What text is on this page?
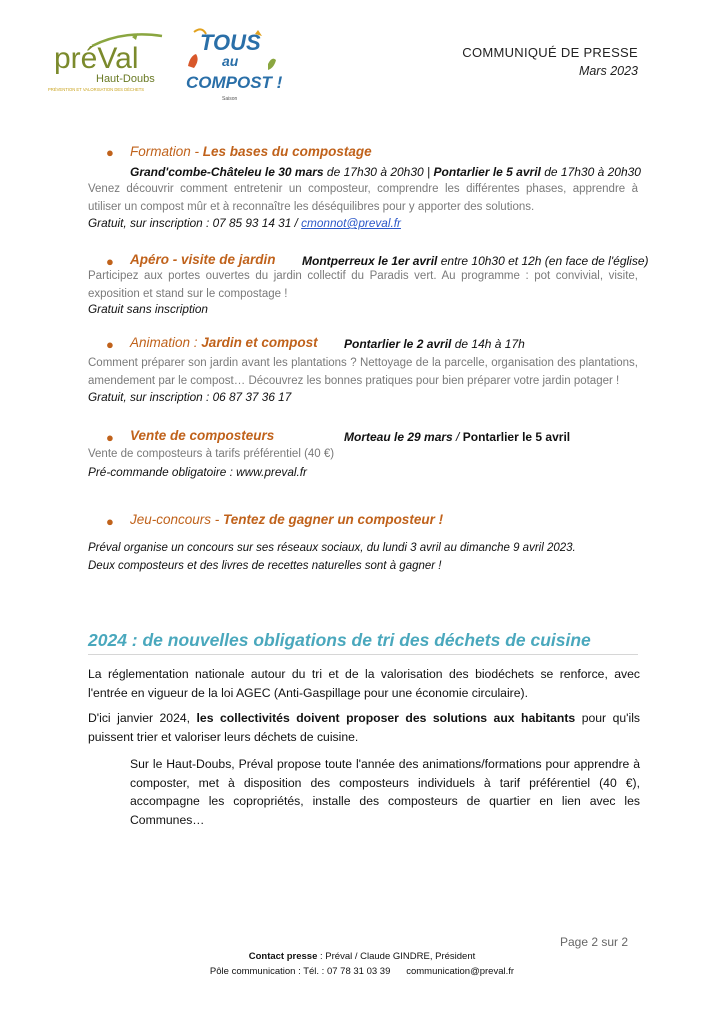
préVal
Haut-Doubs
PRÉVENTION ET VALORISATION DES DÉCHETS
TOUS
au
COMPOST !
Saison
COMMUNIQUÉ DE PRESSE
Mars 2023
● Formation - Les bases du compostage
Grand'combe-Châteleu le 30 mars de 17h30 à 20h30 | Pontarlier le 5 avril de 17h30 à 20h30
Venez découvrir comment entretenir un composteur, comprendre les différentes phases, apprendre à utiliser un compost mûr et à reconnaître les déséquilibres pour y apporter des solutions.
Gratuit, sur inscription : 07 85 93 14 31 / cmonnot@preval.fr
● Apéro - visite de jardin Montperreux le 1er avril entre 10h30 et 12h (en face de l'église)
Participez aux portes ouvertes du jardin collectif du Paradis vert. Au programme : pot convivial, visite, exposition et stand sur le compostage !
Gratuit sans inscription
● Animation : Jardin et compost Pontarlier le 2 avril de 14h à 17h
Comment préparer son jardin avant les plantations ? Nettoyage de la parcelle, organisation des plantations, amendement par le compost… Découvrez les bonnes pratiques pour bien préparer votre jardin potager !
Gratuit, sur inscription : 06 87 37 36 17
● Vente de composteurs	Morteau le 29 mars / Pontarlier le 5 avril
Vente de composteurs à tarifs préférentiel (40 €)
Pré-commande obligatoire : www.preval.fr
● Jeu-concours - Tentez de gagner un composteur !
Préval organise un concours sur ses réseaux sociaux, du lundi 3 avril au dimanche 9 avril 2023.
Deux composteurs et des livres de recettes naturelles sont à gagner !
2024 : de nouvelles obligations de tri des déchets de cuisine
La réglementation nationale autour du tri et de la valorisation des biodéchets se renforce, avec l'entrée en vigueur de la loi AGEC (Anti-Gaspillage pour une économie circulaire).
D'ici janvier 2024, les collectivités doivent proposer des solutions aux habitants pour qu'ils puissent trier et valoriser leurs déchets de cuisine.
Sur le Haut-Doubs, Préval propose toute l'année des animations/formations pour apprendre à composter, met à disposition des composteurs individuels à tarif préférentiel (40 €), accompagne les copropriétés, installe des composteurs de quartier en lien avec les Communes…
Page 2 sur 2
Contact presse : Préval / Claude GINDRE, Président
Pôle communication : Tél. : 07 78 31 03 39 communication@preval.fr
